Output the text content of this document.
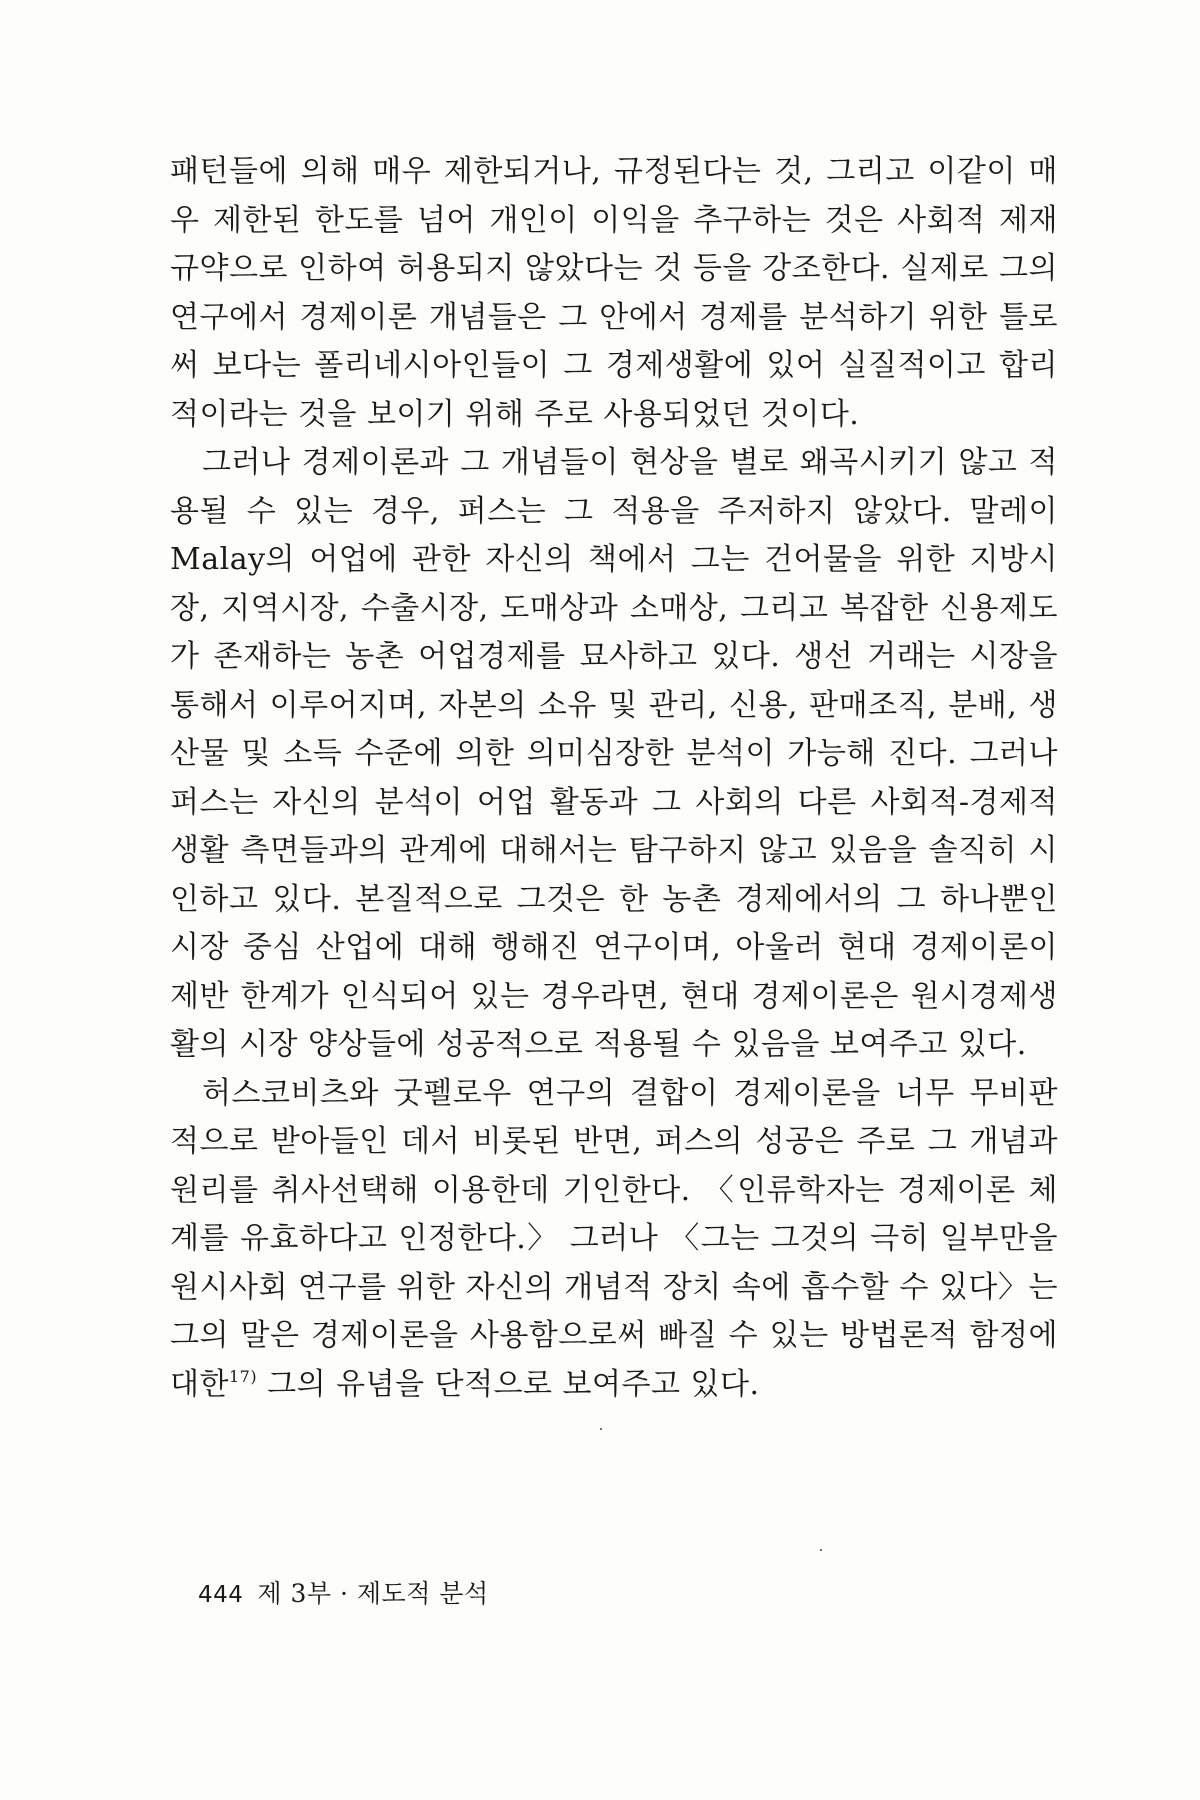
패턴들에 의해 매우 제한되거나, 규정된다는 것, 그리고 이같이 매우 제한된 한도를 넘어 개인이 이익을 추구하는 것은 사회적 제재 규약으로 인하여 허용되지 않았다는 것 등을 강조한다. 실제로 그의 연구에서 경제이론 개념들은 그 안에서 경제를 분석하기 위한 틀로써 보다는 폴리네시아인들이 그 경제생활에 있어 실질적이고 합리적이라는 것을 보이기 위해 주로 사용되었던 것이다.

그러나 경제이론과 그 개념들이 현상을 별로 왜곡시키기 않고 적용될 수 있는 경우, 퍼스는 그 적용을 주저하지 않았다. 말레이 Malay의 어업에 관한 자신의 책에서 그는 건어물을 위한 지방시장, 지역시장, 수출시장, 도매상과 소매상, 그리고 복잡한 신용제도가 존재하는 농촌 어업경제를 묘사하고 있다. 생선 거래는 시장을 통해서 이루어지며, 자본의 소유 및 관리, 신용, 판매조직, 분배, 생산물 및 소득 수준에 의한 의미심장한 분석이 가능해 진다. 그러나 퍼스는 자신의 분석이 어업 활동과 그 사회의 다른 사회적-경제적 생활 측면들과의 관계에 대해서는 탐구하지 않고 있음을 솔직히 시인하고 있다. 본질적으로 그것은 한 농촌 경제에서의 그 하나뿐인 시장 중심 산업에 대해 행해진 연구이며, 아울러 현대 경제이론이 제반 한계가 인식되어 있는 경우라면, 현대 경제이론은 원시경제생활의 시장 양상들에 성공적으로 적용될 수 있음을 보여주고 있다.

허스코비츠와 굿펠로우 연구의 결합이 경제이론을 너무 무비판적으로 받아들인 데서 비롯된 반면, 퍼스의 성공은 주로 그 개념과 원리를 취사선택해 이용한데 기인한다. 〈인류학자는 경제이론 체계를 유효하다고 인정한다.〉 그러나 〈그는 그것의 극히 일부만을 원시사회 연구를 위한 자신의 개념적 장치 속에 흡수할 수 있다〉는 그의 말은 경제이론을 사용함으로써 빠질 수 있는 방법론적 함정에 대한$^{17)}$ 그의 유념을 단적으로 보여주고 있다.

444 제 3부 · 제도적 분석
